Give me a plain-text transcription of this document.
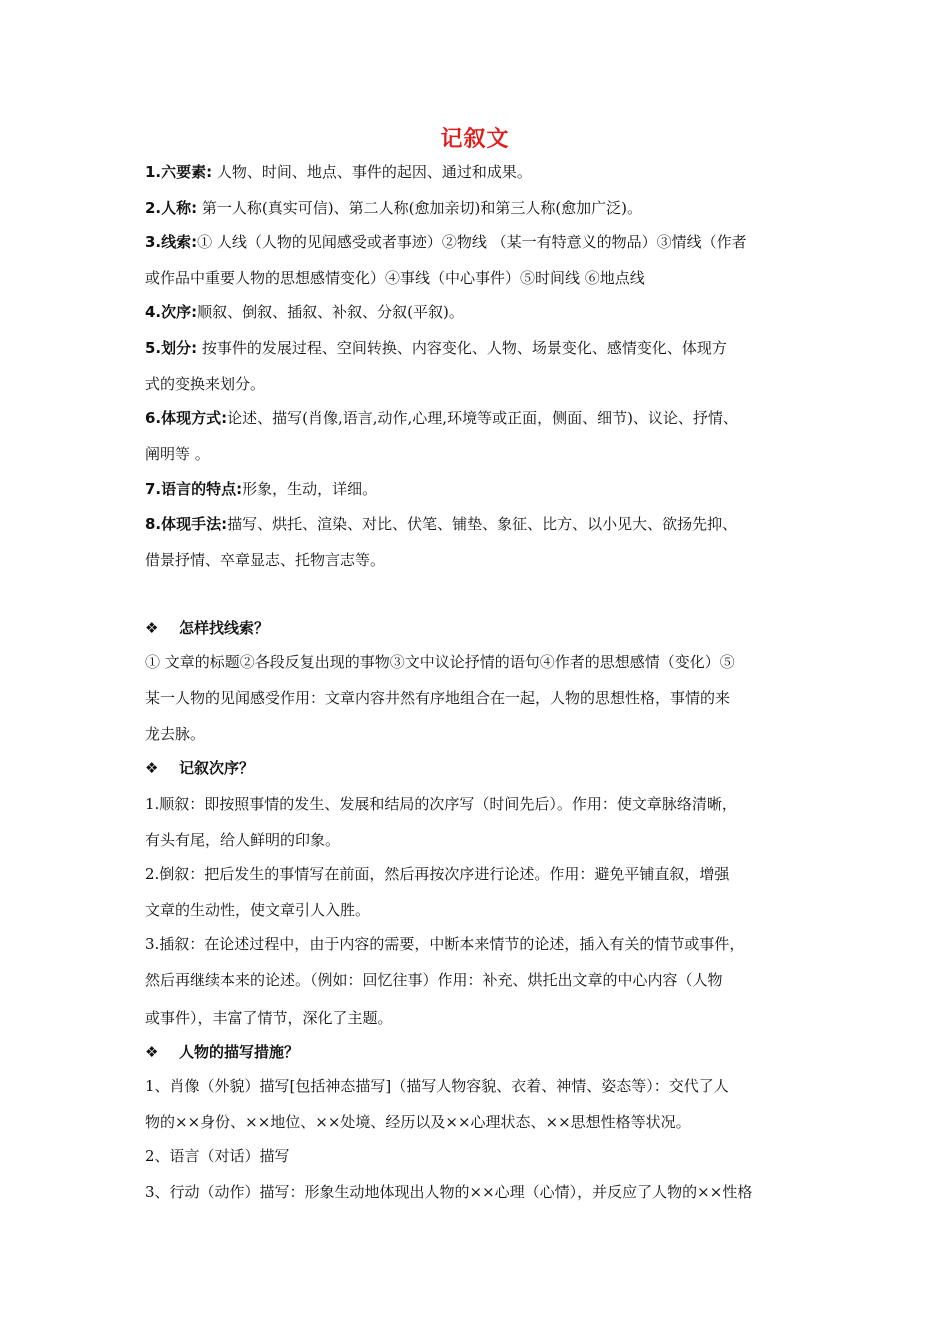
记叙文
1.六要素: 人物、时间、地点、事件的起因、通过和成果。
2.人称: 第一人称(真实可信)、第二人称(愈加亲切)和第三人称(愈加广泛)。
3.线索:① 人线（人物的见闻感受或者事迹）②物线 （某一有特意义的物品）③情线（作者
或作品中重要人物的思想感情变化）④事线（中心事件）⑤时间线 ⑥地点线
4.次序:顺叙、倒叙、插叙、补叙、分叙(平叙)。
5.划分: 按事件的发展过程、空间转换、内容变化、人物、场景变化、感情变化、体现方
式的变换来划分。
6.体现方式:论述、描写(肖像,语言,动作,心理,环境等或正面，侧面、细节)、议论、抒情、
阐明等 。
7.语言的特点:形象，生动，详细。
8.体现手法:描写、烘托、渲染、对比、伏笔、铺垫、象征、比方、以小见大、欲扬先抑、
借景抒情、卒章显志、托物言志等。
❖ 怎样找线索？
① 文章的标题②各段反复出现的事物③文中议论抒情的语句④作者的思想感情（变化）⑤
某一人物的见闻感受作用：文章内容井然有序地组合在一起，人物的思想性格，事情的来
龙去脉。
❖ 记叙次序？
1.顺叙：即按照事情的发生、发展和结局的次序写（时间先后）。作用：使文章脉络清晰，
有头有尾，给人鲜明的印象。
2.倒叙：把后发生的事情写在前面，然后再按次序进行论述。作用：避免平铺直叙，增强
文章的生动性，使文章引人入胜。
3.插叙：在论述过程中，由于内容的需要，中断本来情节的论述，插入有关的情节或事件，
然后再继续本来的论述。（例如：回忆往事）作用：补充、烘托出文章的中心内容（人物
或事件），丰富了情节，深化了主题。
❖ 人物的描写措施？
1、肖像（外貌）描写[包括神态描写]（描写人物容貌、衣着、神情、姿态等）：交代了人
物的××身份、××地位、××处境、经历以及××心理状态、××思想性格等状况。
2、语言（对话）描写
3、行动（动作）描写：形象生动地体现出人物的××心理（心情），并反应了人物的××性格
